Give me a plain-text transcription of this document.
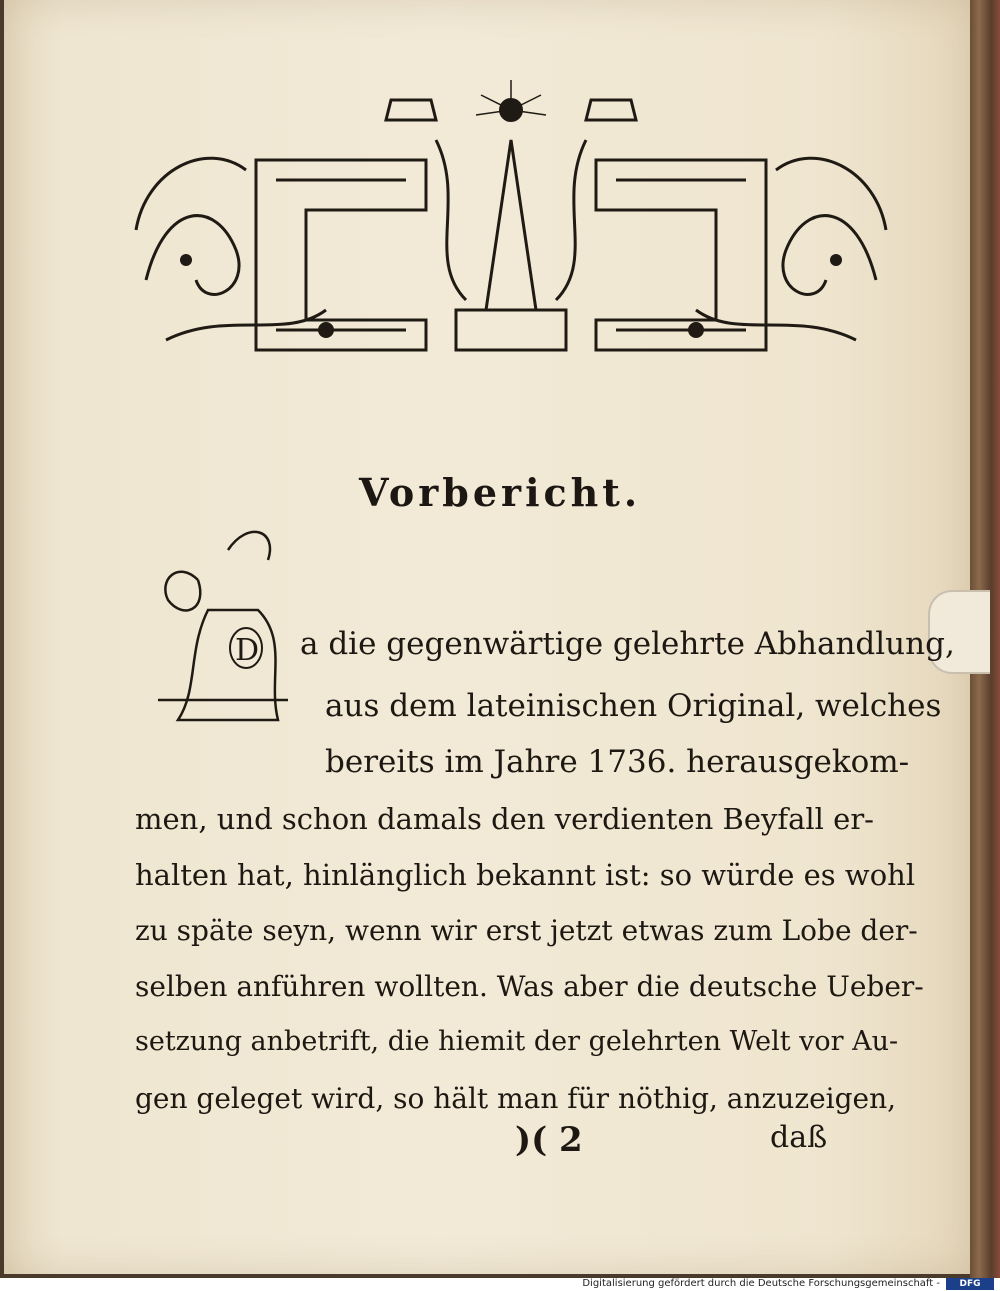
Vorbericht.
D a die gegenwärtige gelehrte Abhandlung,
aus dem lateinischen Original, welches
bereits im Jahre 1736. herausgekom-
men, und schon damals den verdienten Beyfall er-
halten hat, hinlänglich bekannt ist: so würde es wohl
zu späte seyn, wenn wir erst jetzt etwas zum Lobe der-
selben anführen wollten. Was aber die deutsche Ueber-
setzung anbetrift, die hiemit der gelehrten Welt vor Au-
gen geleget wird, so hält man für nöthig, anzuzeigen,
)( 2	daß
Digitalisierung gefördert durch die Deutsche Forschungsgemeinschaft -	DFG
